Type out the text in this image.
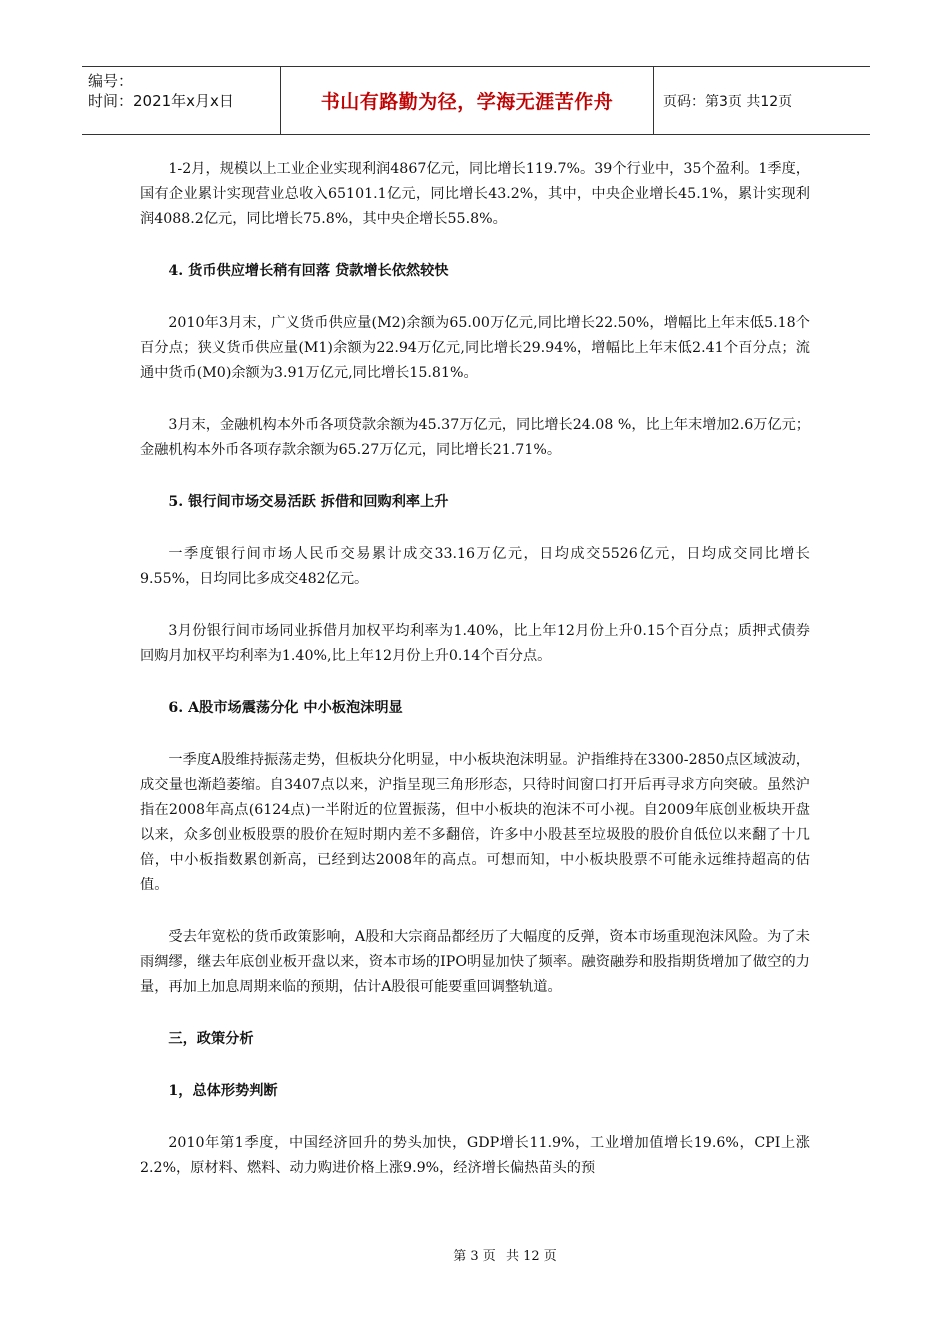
编号：
时间：2021年x月x日	书山有路勤为径，学海无涯苦作舟	页码：第3页 共12页

1-2月，规模以上工业企业实现利润4867亿元，同比增长119.7%。39个行业中，35个盈利。1季度，国有企业累计实现营业总收入65101.1亿元，同比增长43.2%，其中，中央企业增长45.1%，累计实现利润4088.2亿元，同比增长75.8%，其中央企增长55.8%。

4. 货币供应增长稍有回落 贷款增长依然较快

2010年3月末，广义货币供应量(M2)余额为65.00万亿元,同比增长22.50%，增幅比上年末低5.18个百分点；狭义货币供应量(M1)余额为22.94万亿元,同比增长29.94%，增幅比上年末低2.41个百分点；流通中货币(M0)余额为3.91万亿元,同比增长15.81%。

3月末，金融机构本外币各项贷款余额为45.37万亿元，同比增长24.08 %，比上年末增加2.6万亿元；金融机构本外币各项存款余额为65.27万亿元，同比增长21.71%。

5. 银行间市场交易活跃 拆借和回购利率上升

一季度银行间市场人民币交易累计成交33.16万亿元，日均成交5526亿元，日均成交同比增长9.55%，日均同比多成交482亿元。

3月份银行间市场同业拆借月加权平均利率为1.40%，比上年12月份上升0.15个百分点；质押式债券回购月加权平均利率为1.40%,比上年12月份上升0.14个百分点。

6. A股市场震荡分化 中小板泡沫明显

一季度A股维持振荡走势，但板块分化明显，中小板块泡沫明显。沪指维持在3300-2850点区域波动，成交量也渐趋萎缩。自3407点以来，沪指呈现三角形形态，只待时间窗口打开后再寻求方向突破。虽然沪指在2008年高点(6124点)一半附近的位置振荡，但中小板块的泡沫不可小视。自2009年底创业板块开盘以来，众多创业板股票的股价在短时期内差不多翻倍，许多中小股甚至垃圾股的股价自低位以来翻了十几倍，中小板指数累创新高，已经到达2008年的高点。可想而知，中小板块股票不可能永远维持超高的估值。

受去年宽松的货币政策影响，A股和大宗商品都经历了大幅度的反弹，资本市场重现泡沫风险。为了未雨绸缪，继去年底创业板开盘以来，资本市场的IPO明显加快了频率。融资融券和股指期货增加了做空的力量，再加上加息周期来临的预期，估计A股很可能要重回调整轨道。

三，政策分析

1，总体形势判断

2010年第1季度，中国经济回升的势头加快，GDP增长11.9%，工业增加值增长19.6%，CPI上涨2.2%，原材料、燃料、动力购进价格上涨9.9%，经济增长偏热苗头的预

第 3 页 共 12 页
